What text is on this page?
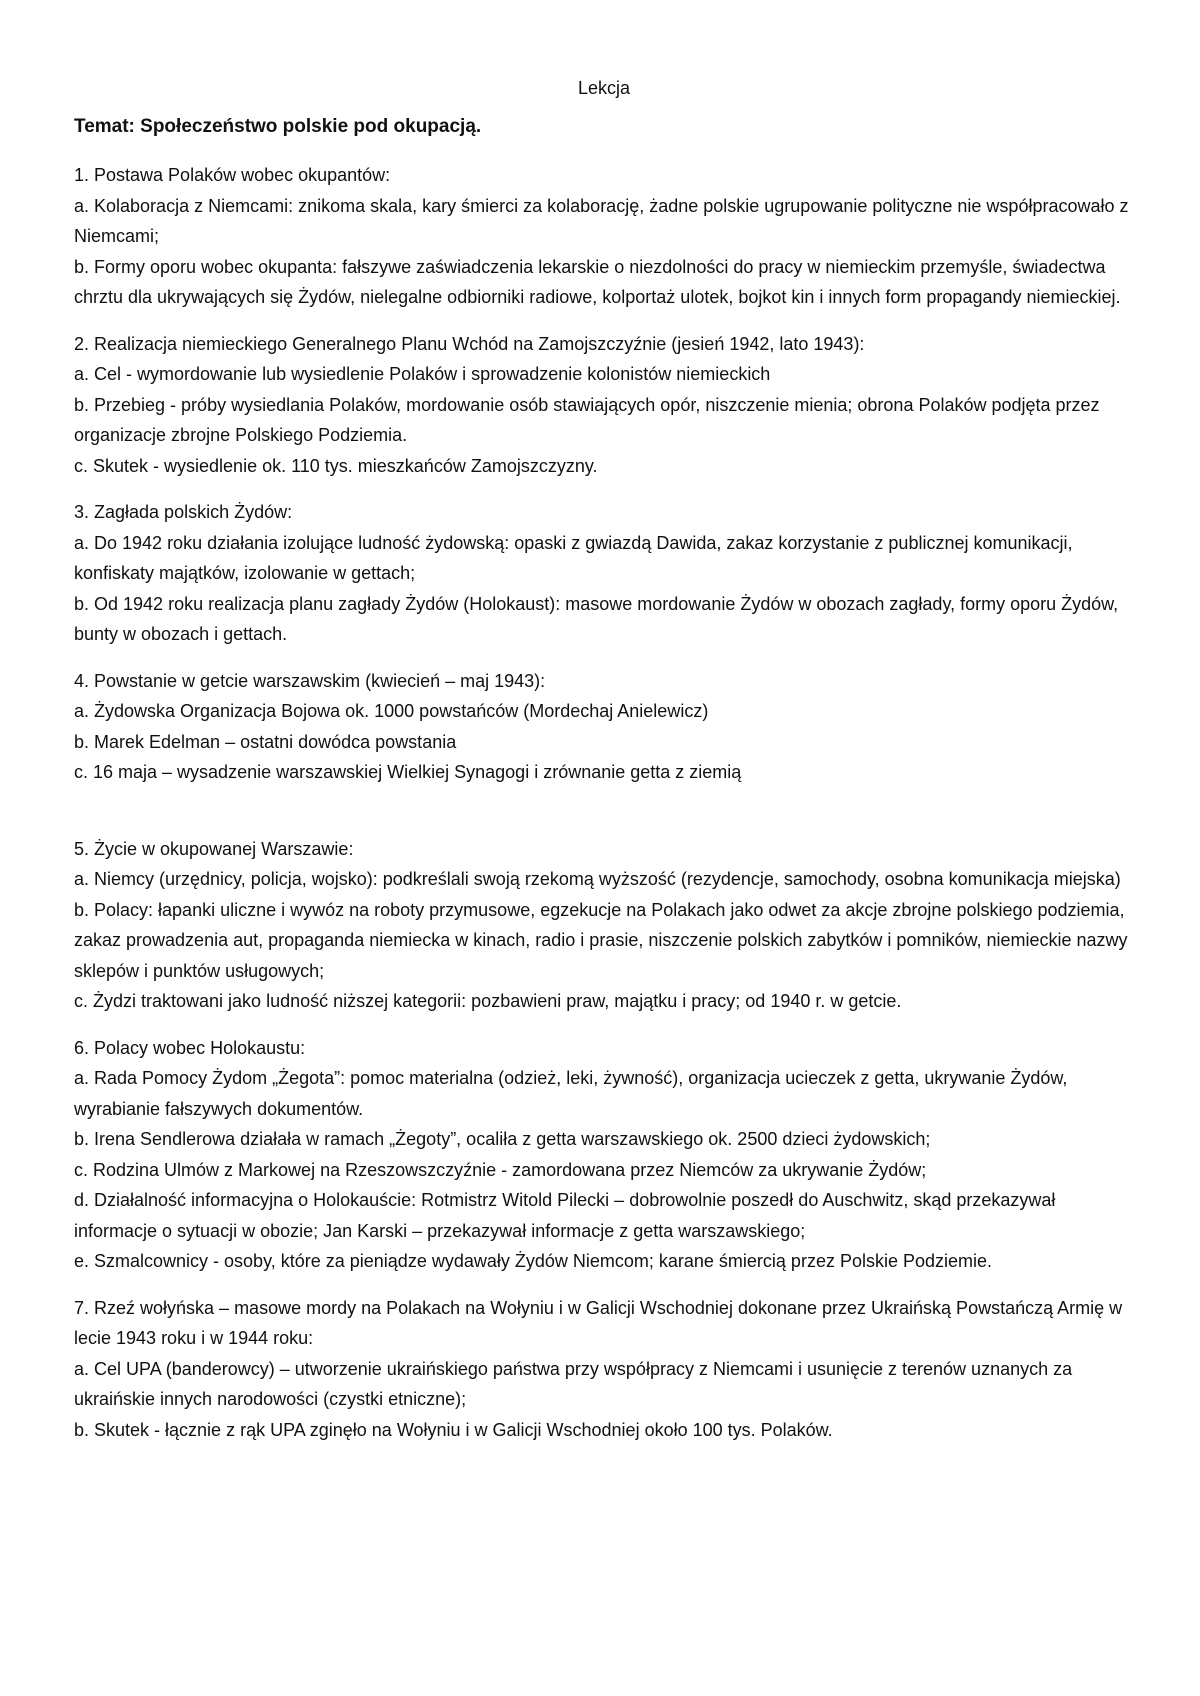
Lekcja
Temat: Społeczeństwo polskie pod okupacją.

1. Postawa Polaków wobec okupantów:

a. Kolaboracja z Niemcami: znikoma skala, kary śmierci za kolaborację, żadne polskie ugrupowanie polityczne nie współpracowało z Niemcami;

b. Formy oporu wobec okupanta: fałszywe zaświadczenia lekarskie o niezdolności do pracy w niemieckim przemyśle, świadectwa chrztu dla ukrywających się Żydów, nielegalne odbiorniki radiowe, kolportaż ulotek, bojkot kin i innych form propagandy niemieckiej.

2. Realizacja niemieckiego Generalnego Planu Wchód na Zamojszczyźnie (jesień 1942, lato 1943):

a. Cel - wymordowanie lub wysiedlenie Polaków i sprowadzenie kolonistów niemieckich

b. Przebieg - próby wysiedlania Polaków, mordowanie osób stawiających opór, niszczenie mienia; obrona Polaków podjęta przez organizacje zbrojne Polskiego Podziemia.

c. Skutek - wysiedlenie ok. 110 tys. mieszkańców Zamojszczyzny.

3. Zagłada polskich Żydów:

a. Do 1942 roku działania izolujące ludność żydowską: opaski z gwiazdą Dawida, zakaz korzystanie z publicznej komunikacji, konfiskaty majątków, izolowanie w gettach;

b. Od 1942 roku realizacja planu zagłady Żydów (Holokaust): masowe mordowanie Żydów w obozach zagłady, formy oporu Żydów, bunty w obozach i gettach.

4. Powstanie w getcie warszawskim (kwiecień – maj 1943):

a. Żydowska Organizacja Bojowa ok. 1000 powstańców (Mordechaj Anielewicz)

b. Marek Edelman – ostatni dowódca powstania

c. 16 maja – wysadzenie warszawskiej Wielkiej Synagogi i zrównanie getta z ziemią

5. Życie w okupowanej Warszawie:

a. Niemcy (urzędnicy, policja, wojsko): podkreślali swoją rzekomą wyższość (rezydencje, samochody, osobna komunikacja miejska)

b. Polacy: łapanki uliczne i wywóz na roboty przymusowe, egzekucje na Polakach jako odwet za akcje zbrojne polskiego podziemia, zakaz prowadzenia aut, propaganda niemiecka w kinach, radio i prasie, niszczenie polskich zabytków i pomników, niemieckie nazwy sklepów i punktów usługowych;

c. Żydzi traktowani jako ludność niższej kategorii: pozbawieni praw, majątku i pracy; od 1940 r. w getcie.

6. Polacy wobec Holokaustu:

a. Rada Pomocy Żydom „Żegota”: pomoc materialna (odzież, leki, żywność), organizacja ucieczek z getta, ukrywanie Żydów, wyrabianie fałszywych dokumentów.

b. Irena Sendlerowa działała w ramach „Żegoty”, ocaliła z getta warszawskiego ok. 2500 dzieci żydowskich;

c. Rodzina Ulmów z Markowej na Rzeszowszczyźnie - zamordowana przez Niemców za ukrywanie Żydów;

d. Działalność informacyjna o Holokauście: Rotmistrz Witold Pilecki – dobrowolnie poszedł do Auschwitz, skąd przekazywał informacje o sytuacji w obozie; Jan Karski – przekazywał informacje z getta warszawskiego;

e. Szmalcownicy - osoby, które za pieniądze wydawały Żydów Niemcom; karane śmiercią przez Polskie Podziemie.

7. Rzeź wołyńska – masowe mordy na Polakach na Wołyniu i w Galicji Wschodniej dokonane przez Ukraińską Powstańczą Armię w lecie 1943 roku i w 1944 roku:

a. Cel UPA (banderowcy) – utworzenie ukraińskiego państwa przy współpracy z Niemcami i usunięcie z terenów uznanych za ukraińskie innych narodowości (czystki etniczne);

b. Skutek - łącznie z rąk UPA zginęło na Wołyniu i w Galicji Wschodniej około 100 tys. Polaków.
